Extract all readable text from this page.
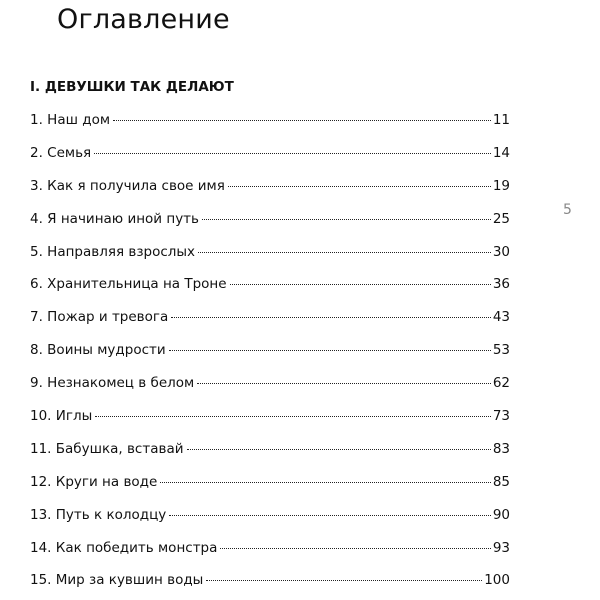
Оглавление
I. ДЕВУШКИ ТАК ДЕЛАЮТ
5
1. Наш дом	11
2. Семья	14
3. Как я получила свое имя	19
4. Я начинаю иной путь	25
5. Направляя взрослых	30
6. Хранительница на Троне	36
7. Пожар и тревога	43
8. Воины мудрости	53
9. Незнакомец в белом	62
10. Иглы	73
11. Бабушка, вставай	83
12. Круги на воде	85
13. Путь к колодцу	90
14. Как победить монстра	93
15. Мир за кувшин воды	100
